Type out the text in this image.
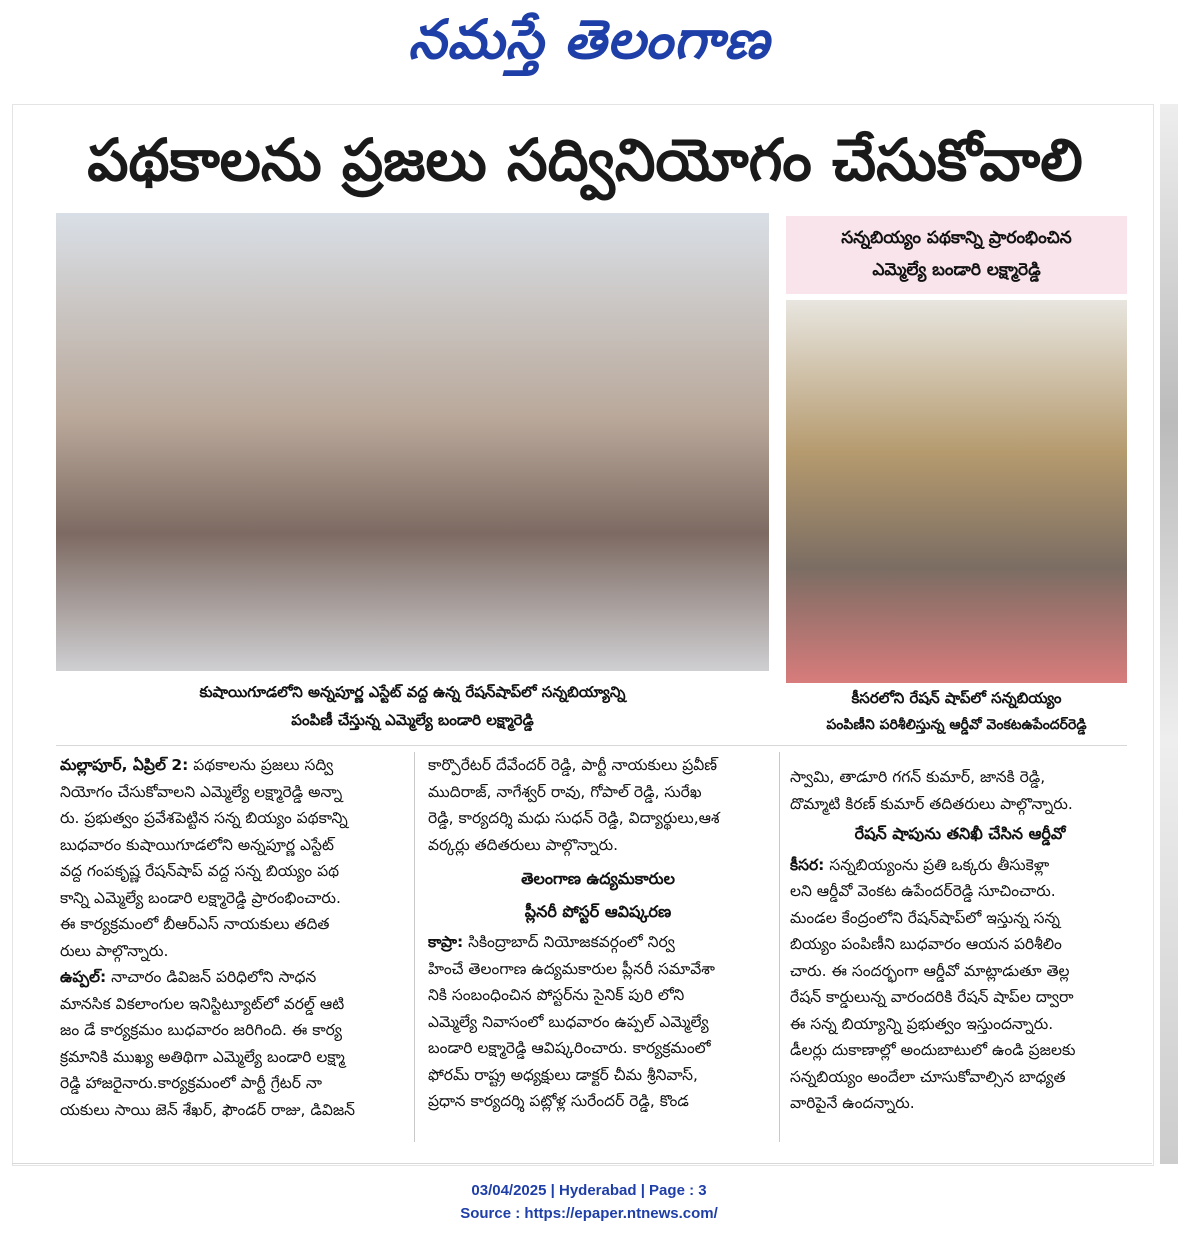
నమస్తే తెలంగాణ
పథకాలను ప్రజలు సద్వినియోగం చేసుకోవాలి
కుషాయిగూడలోని అన్నపూర్ణ ఎస్టేట్ వద్ద ఉన్న రేషన్‌షాప్‌లో సన్నబియ్యాన్ని
పంపిణీ చేస్తున్న ఎమ్మెల్యే బండారి లక్ష్మారెడ్డి
సన్నబియ్యం పథకాన్ని ప్రారంభించిన
ఎమ్మెల్యే బండారి లక్ష్మారెడ్డి
కీసరలోని రేషన్ షాప్‌లో సన్నబియ్యం
పంపిణీని పరిశీలిస్తున్న ఆర్డీవో వెంకటఉపేందర్‌రెడ్డి

మల్లాపూర్, ఏప్రిల్ 2: పథకాలను ప్రజలు సద్వి

నియోగం చేసుకోవాలని ఎమ్మెల్యే లక్ష్మారెడ్డి అన్నా

రు. ప్రభుత్వం ప్రవేశపెట్టిన సన్న బియ్యం పథకాన్ని

బుధవారం కుషాయిగూడలోని అన్నపూర్ణ ఎస్టేట్

వద్ద గంపకృష్ణ రేషన్‌షాప్ వద్ద సన్న బియ్యం పథ

కాన్ని ఎమ్మెల్యే బండారి లక్ష్మారెడ్డి ప్రారంభించారు.

ఈ కార్యక్రమంలో బీఆర్ఎస్ నాయకులు తదిత

రులు పాల్గొన్నారు.

ఉప్పల్: నాచారం డివిజన్ పరిధిలోని సాధన

మానసిక వికలాంగుల ఇనిస్టిట్యూట్‌లో వరల్డ్ ఆటి

జం డే కార్యక్రమం బుధవారం జరిగింది. ఈ కార్య

క్రమానికి ముఖ్య అతిథిగా ఎమ్మెల్యే బండారి లక్ష్మా

రెడ్డి హాజరైనారు.కార్యక్రమంలో పార్టీ గ్రేటర్ నా

యకులు సాయి జెన్ శేఖర్, ఫౌండర్ రాజు, డివిజన్

కార్పొరేటర్ దేవేందర్ రెడ్డి, పార్టీ నాయకులు ప్రవీణ్

ముదిరాజ్, నాగేశ్వర్ రావు, గోపాల్ రెడ్డి, సురేఖ

రెడ్డి, కార్యదర్శి మధు సుధన్ రెడ్డి, విద్యార్థులు,ఆశ

వర్కర్లు తదితరులు పాల్గొన్నారు.

తెలంగాణ ఉద్యమకారుల

ప్లీనరీ పోస్టర్ ఆవిష్కరణ

కాప్రా: సికింద్రాబాద్ నియోజకవర్గంలో నిర్వ

హించే తెలంగాణ ఉద్యమకారుల ప్లీనరీ సమావేశా

నికి సంబంధించిన పోస్టర్‌ను సైనిక్ పురి లోని

ఎమ్మెల్యే నివాసంలో బుధవారం ఉప్పల్ ఎమ్మెల్యే

బండారి లక్ష్మారెడ్డి ఆవిష్కరించారు. కార్యక్రమంలో

ఫోరమ్ రాష్ట్ర అధ్యక్షులు డాక్టర్ చీమ శ్రీనివాస్,

ప్రధాన కార్యదర్శి పట్లోళ్ల సురేందర్ రెడ్డి, కొండ

స్వామి, తాడూరి గగన్ కుమార్, జానకి రెడ్డి,

దొమ్మాటి కిరణ్ కుమార్ తదితరులు పాల్గొన్నారు.

రేషన్ షాపును తనిఖీ చేసిన ఆర్డీవో

కీసర: సన్నబియ్యంను ప్రతి ఒక్కరు తీసుకెళ్లా

లని ఆర్డీవో వెంకట ఉపేందర్‌రెడ్డి సూచించారు.

మండల కేంద్రంలోని రేషన్‌షాప్‌లో ఇస్తున్న సన్న

బియ్యం పంపిణీని బుధవారం ఆయన పరిశీలిం

చారు. ఈ సందర్భంగా ఆర్డీవో మాట్లాడుతూ తెల్ల

రేషన్ కార్డులున్న వారందరికి రేషన్ షాప్‌ల ద్వారా

ఈ సన్న బియ్యాన్ని ప్రభుత్వం ఇస్తుందన్నారు.

డీలర్లు దుకాణాల్లో అందుబాటులో ఉండి ప్రజలకు

సన్నబియ్యం అందేలా చూసుకోవాల్సిన బాధ్యత

వారిపైనే ఉందన్నారు.

03/04/2025 | Hyderabad | Page : 3
Source : https://epaper.ntnews.com/
